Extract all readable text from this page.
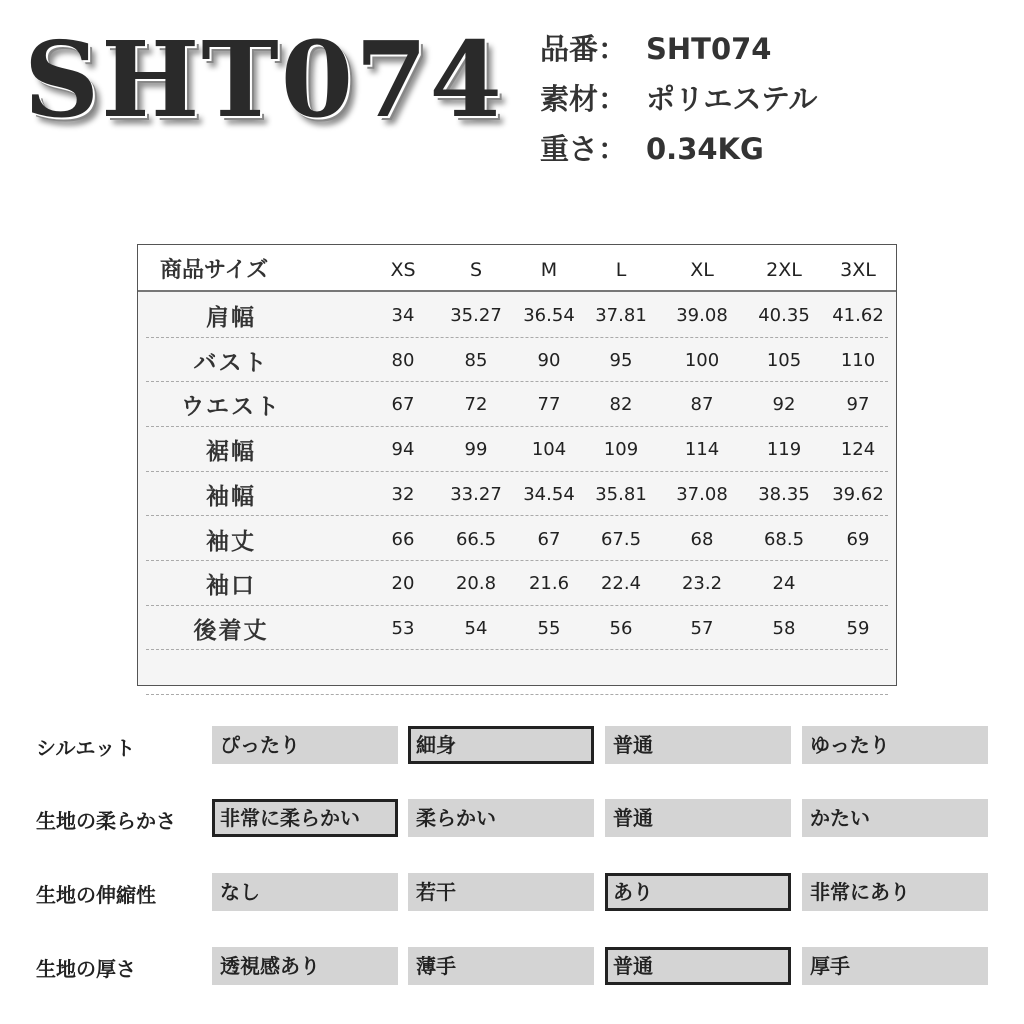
SHT074 品番： SHT074
素材： ポリエステル
重さ： 0.34KG
商品サイズ	XS	S	M	L	XL	2XL	3XL
肩幅	34	35.27	36.54	37.81	39.08	40.35	41.62
バスト	80	85	90	95	100	105	110
ウエスト	67	72	77	82	87	92	97
裾幅	94	99	104	109	114	119	124
袖幅	32	33.27	34.54	35.81	37.08	38.35	39.62
袖丈	66	66.5	67	67.5	68	68.5	69
袖口	20	20.8	21.6	22.4	23.2	24
後着丈	53	54	55	56	57	58	59
シルエット	ぴったり	細身	普通	ゆったり
生地の柔らかさ	非常に柔らかい	柔らかい	普通	かたい
生地の伸縮性	なし	若干	あり	非常にあり
生地の厚さ	透視感あり	薄手	普通	厚手
